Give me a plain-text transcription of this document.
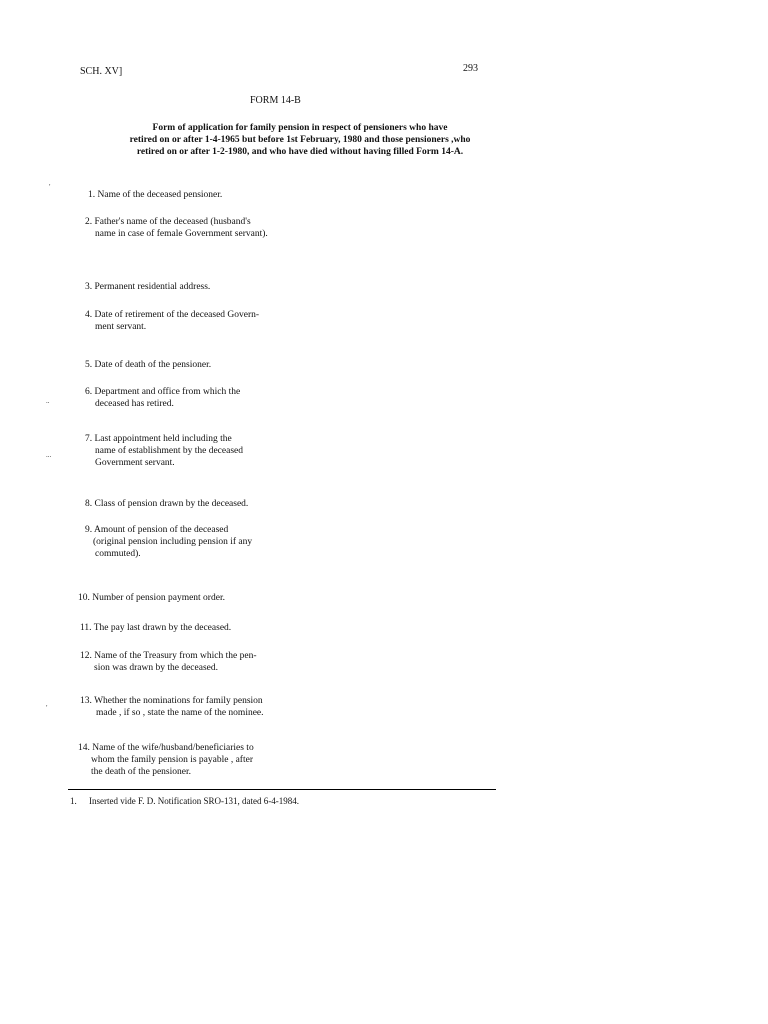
SCH. XV]	293
FORM 14-B
Form of application for family pension in respect of pensioners who have
retired on or after 1-4-1965 but before 1st February, 1980 and those pensioners ,who
retired on or after 1-2-1980, and who have died without having filled Form 14-A.
′
..
...
′
1. Name of the deceased pensioner.
2. Father's name of the deceased (husband's
name in case of female Government servant).
3. Permanent residential address.
4. Date of retirement of the deceased Govern-
ment servant.
5. Date of death of the pensioner.
6. Department and office from which the
deceased has retired.
7. Last appointment held including the
name of establishment by the deceased
Government servant.
8. Class of pension drawn by the deceased.
9. Amount of pension of the deceased
(original pension including pension if any
commuted).
10. Number of pension payment order.
11. The pay last drawn by the deceased.
12. Name of the Treasury from which the pen-
sion was drawn by the deceased.
13. Whether the nominations for family pension
made , if so , state the name of the nominee.
14. Name of the wife/husband/beneficiaries to
whom the family pension is payable , after
the death of the pensioner.
1. Inserted vide F. D. Notification SRO-131, dated 6-4-1984.
